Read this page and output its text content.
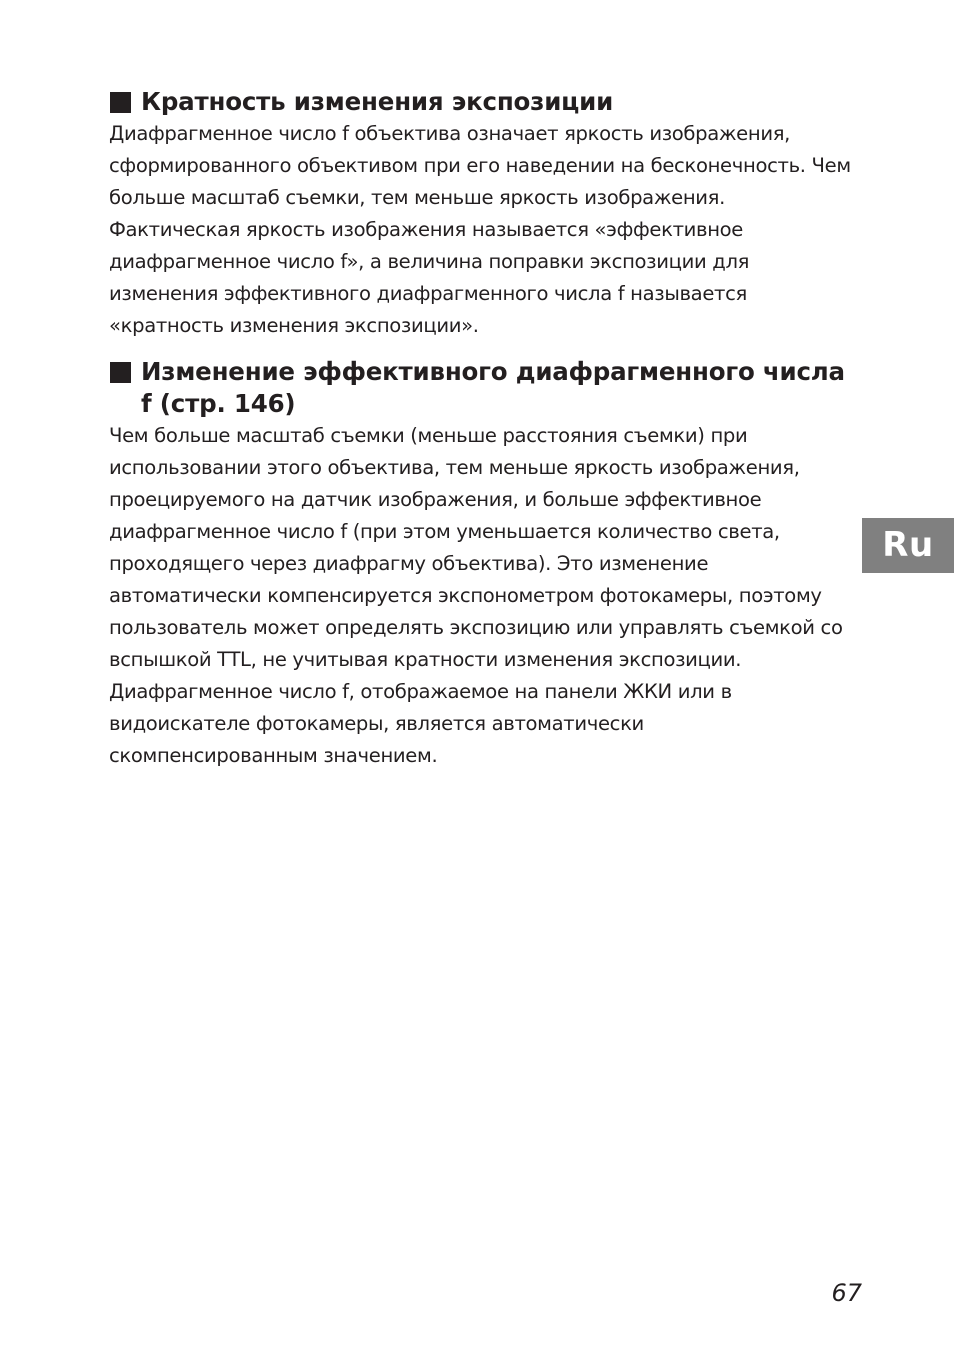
Кратность изменения экспозиции

Диафрагменное число f объектива означает яркость изображения, сформированного объективом при его наведении на бесконечность. Чем больше масштаб съемки, тем меньше яркость изображения. Фактическая яркость изображения называется «эффективное диафрагменное число f», а величина поправки экспозиции для изменения эффективного диафрагменного числа f называется «кратность изменения экспозиции».

Изменение эффективного диафрагменного числа f (стр. 146)

Чем больше масштаб съемки (меньше расстояния съемки) при использовании этого объектива, тем меньше яркость изображения, проецируемого на датчик изображения, и больше эффективное диафрагменное число f (при этом уменьшается количество света, проходящего через диафрагму объектива). Это изменение автоматически компенсируется экспонометром фотокамеры, поэтому пользователь может определять экспозицию или управлять съемкой со вспышкой TTL, не учитывая кратности изменения экспозиции.

Диафрагменное число f, отображаемое на панели ЖКИ или в видоискателе фотокамеры, является автоматически скомпенсированным значением.

Ru
67
